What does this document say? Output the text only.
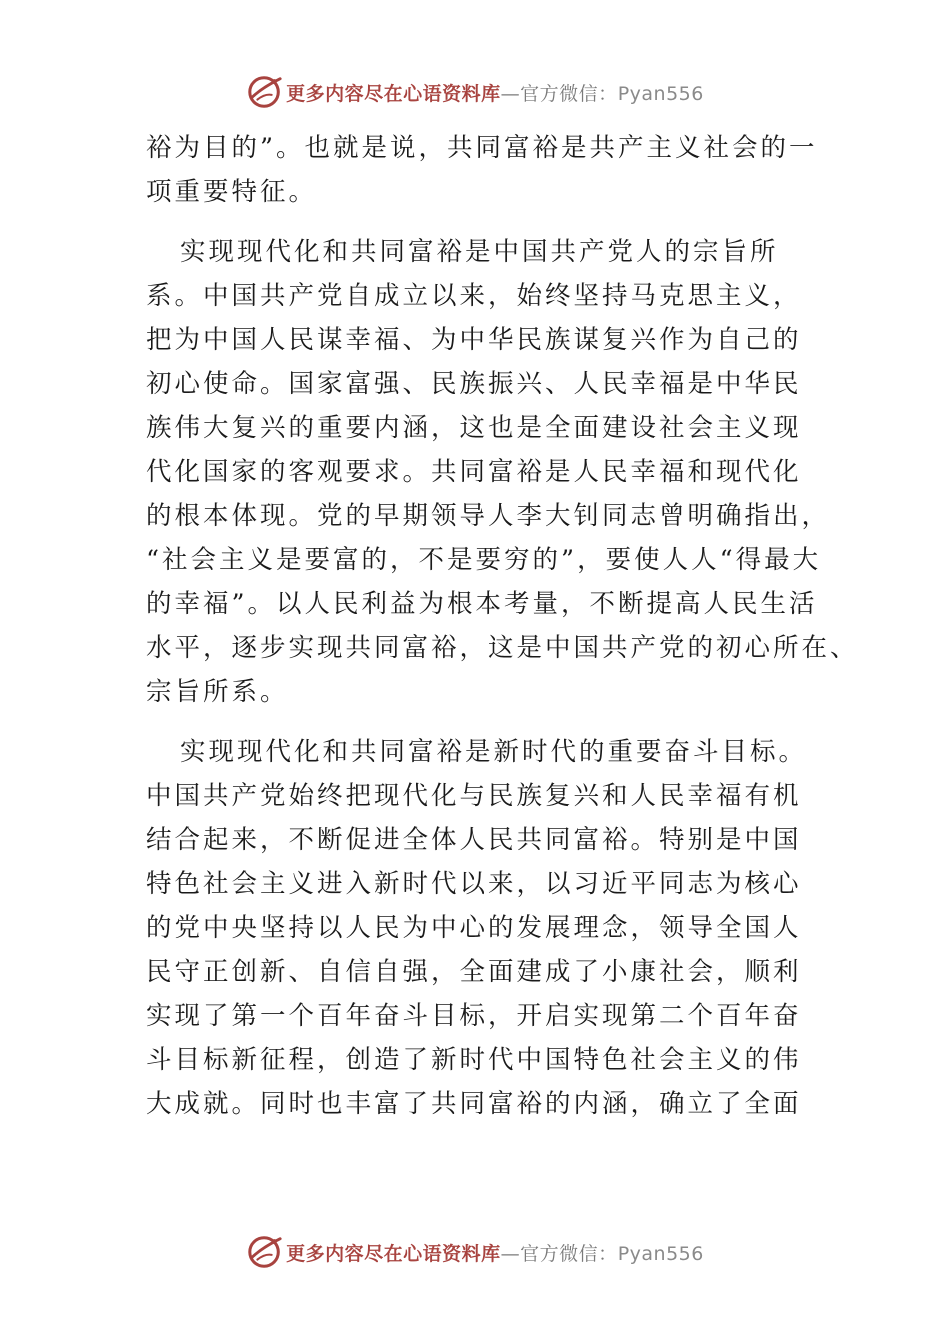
更多内容尽在心语资料库—官方微信：Pyan556
裕为目的”。也就是说，共同富裕是共产主义社会的一
项重要特征。
实现现代化和共同富裕是中国共产党人的宗旨所
系。中国共产党自成立以来，始终坚持马克思主义，
把为中国人民谋幸福、为中华民族谋复兴作为自己的
初心使命。国家富强、民族振兴、人民幸福是中华民
族伟大复兴的重要内涵，这也是全面建设社会主义现
代化国家的客观要求。共同富裕是人民幸福和现代化
的根本体现。党的早期领导人李大钊同志曾明确指出，
“社会主义是要富的，不是要穷的”，要使人人“得最大
的幸福”。以人民利益为根本考量，不断提高人民生活
水平，逐步实现共同富裕，这是中国共产党的初心所在、
宗旨所系。
实现现代化和共同富裕是新时代的重要奋斗目标。
中国共产党始终把现代化与民族复兴和人民幸福有机
结合起来，不断促进全体人民共同富裕。特别是中国
特色社会主义进入新时代以来，以习近平同志为核心
的党中央坚持以人民为中心的发展理念，领导全国人
民守正创新、自信自强，全面建成了小康社会，顺利
实现了第一个百年奋斗目标，开启实现第二个百年奋
斗目标新征程，创造了新时代中国特色社会主义的伟
大成就。同时也丰富了共同富裕的内涵，确立了全面
更多内容尽在心语资料库—官方微信：Pyan556
